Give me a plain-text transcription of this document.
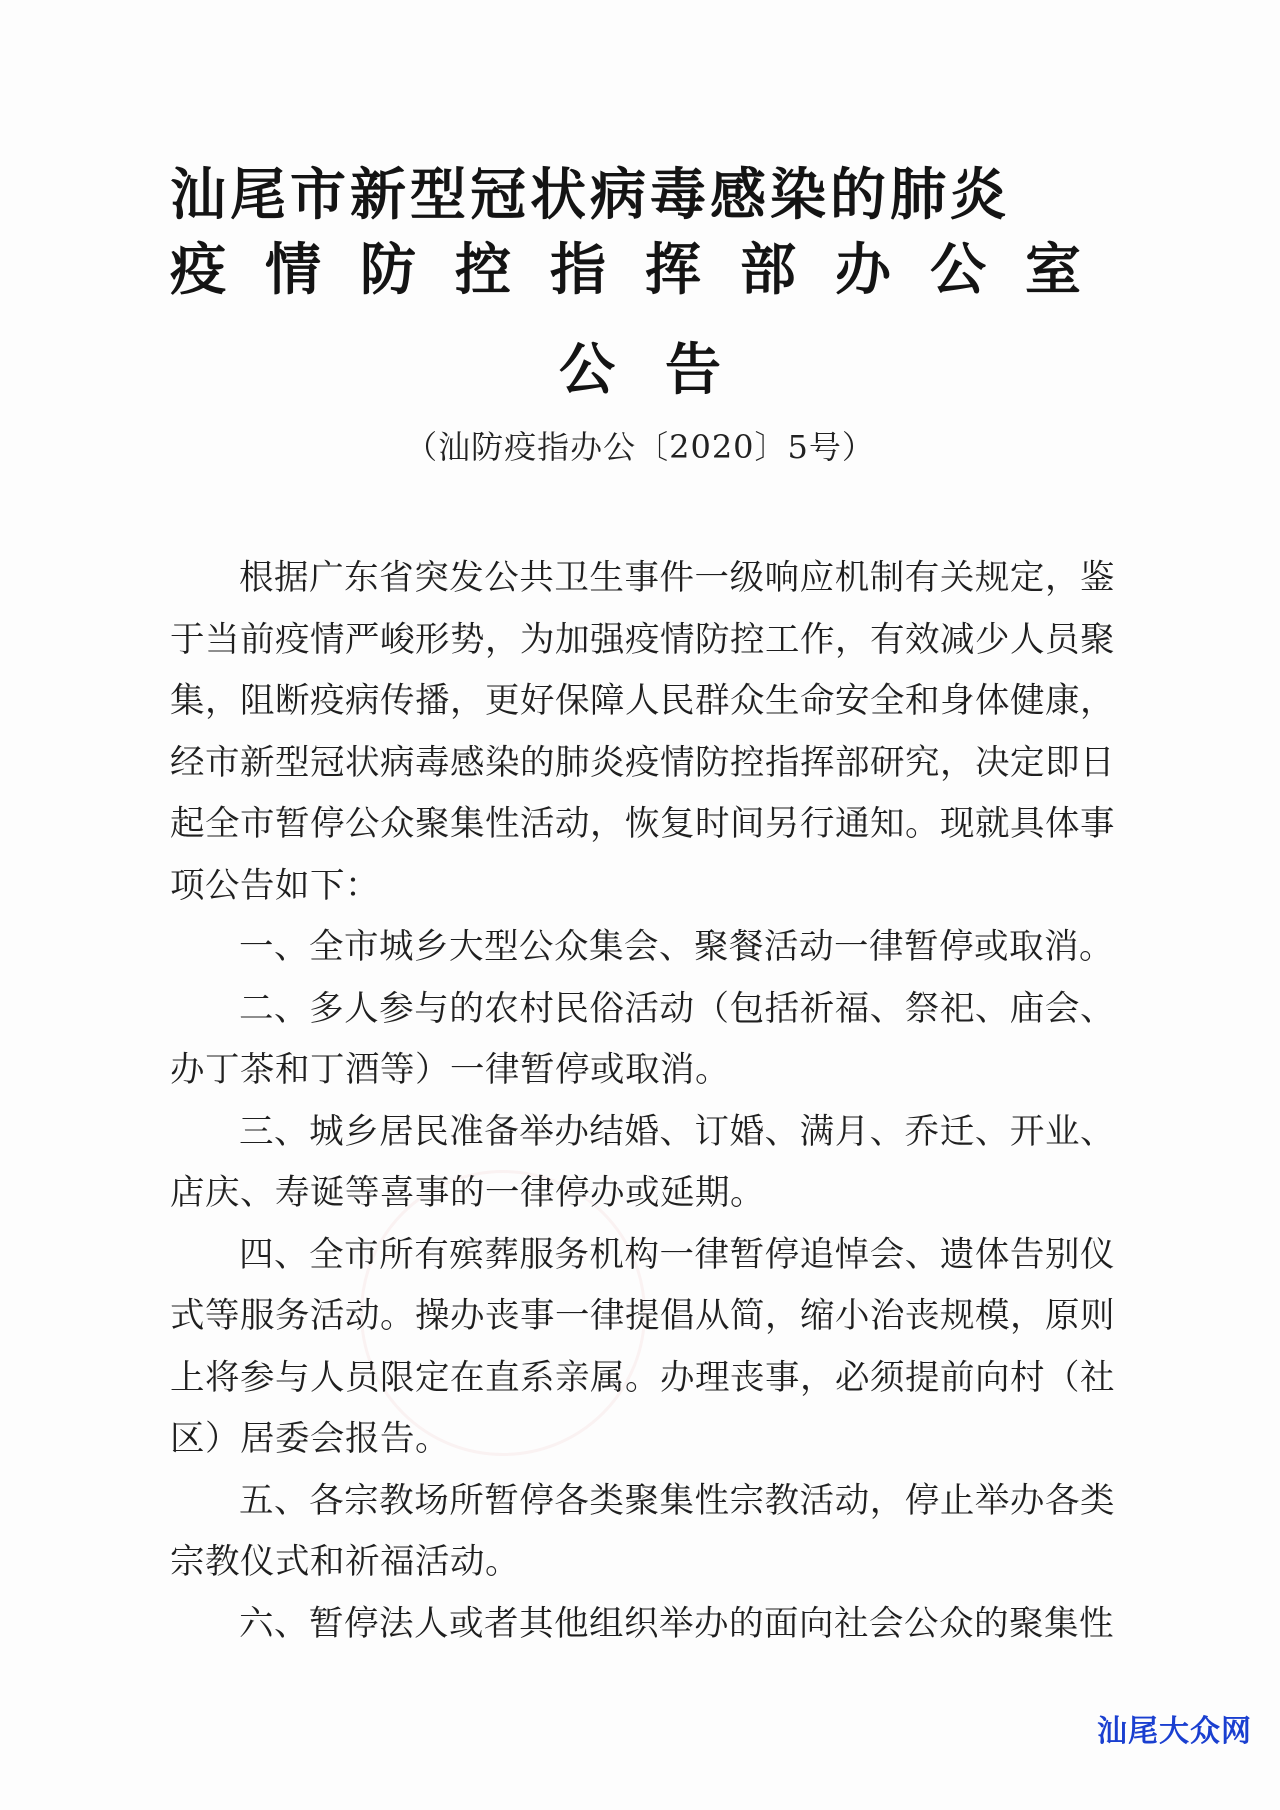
汕尾市新型冠状病毒感染的肺炎
疫情防控指挥部办公室
公告
（汕防疫指办公〔2020〕5号）

根据广东省突发公共卫生事件一级响应机制有关规定，鉴于当前疫情严峻形势，为加强疫情防控工作，有效减少人员聚集，阻断疫病传播，更好保障人民群众生命安全和身体健康，经市新型冠状病毒感染的肺炎疫情防控指挥部研究，决定即日起全市暂停公众聚集性活动，恢复时间另行通知。现就具体事项公告如下：

一、全市城乡大型公众集会、聚餐活动一律暂停或取消。

二、多人参与的农村民俗活动（包括祈福、祭祀、庙会、办丁茶和丁酒等）一律暂停或取消。

三、城乡居民准备举办结婚、订婚、满月、乔迁、开业、店庆、寿诞等喜事的一律停办或延期。

四、全市所有殡葬服务机构一律暂停追悼会、遗体告别仪式等服务活动。操办丧事一律提倡从简，缩小治丧规模，原则上将参与人员限定在直系亲属。办理丧事，必须提前向村（社区）居委会报告。

五、各宗教场所暂停各类聚集性宗教活动，停止举办各类宗教仪式和祈福活动。

六、暂停法人或者其他组织举办的面向社会公众的聚集性

汕尾大众网
